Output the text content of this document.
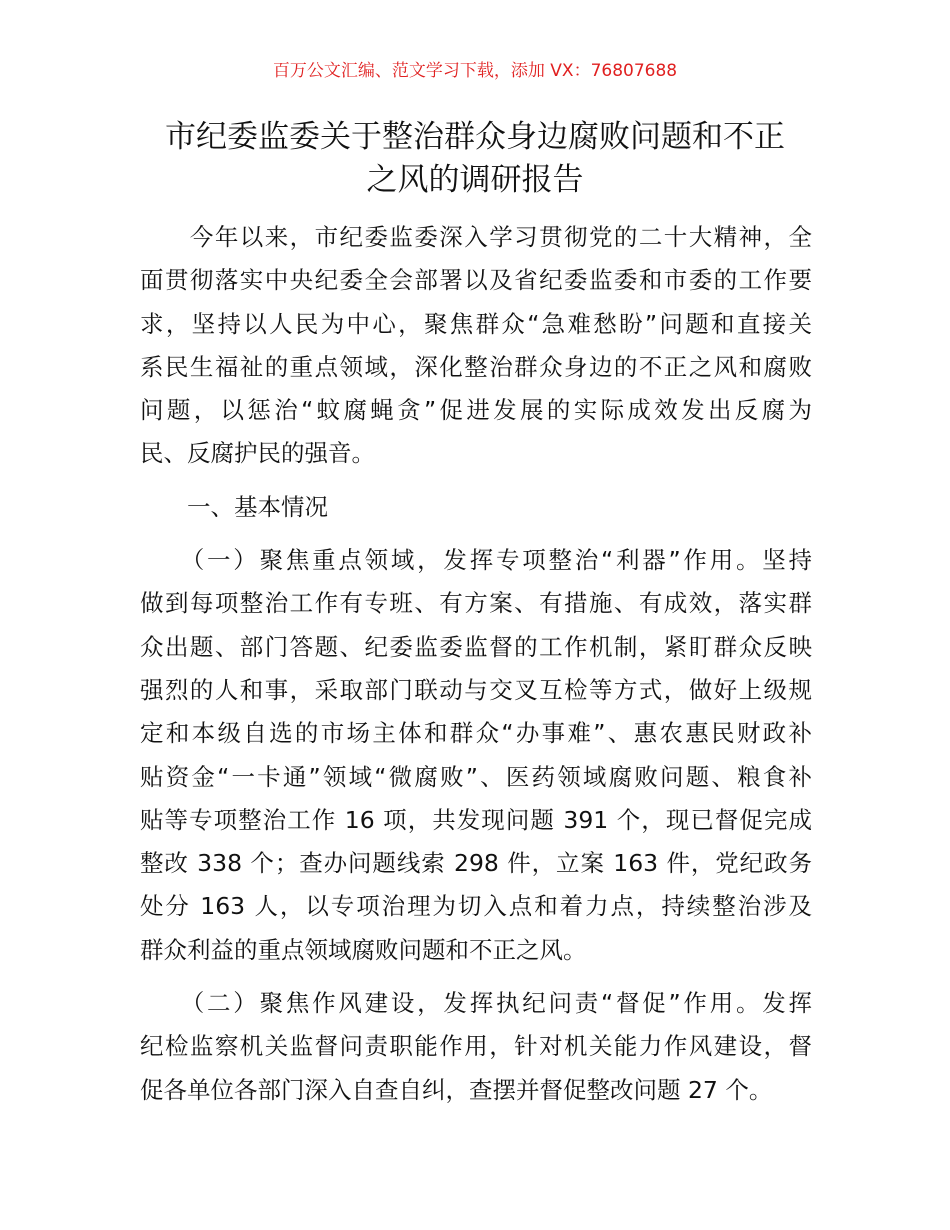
百万公文汇编、范文学习下载，添加 VX：76807688
市纪委监委关于整治群众身边腐败问题和不正
之风的调研报告
　　今年以来，市纪委监委深入学习贯彻党的二十大精神，全
面贯彻落实中央纪委全会部署以及省纪委监委和市委的工作要
求，坚持以人民为中心，聚焦群众“急难愁盼”问题和直接关
系民生福祉的重点领域，深化整治群众身边的不正之风和腐败
问题，以惩治“蚊腐蝇贪”促进发展的实际成效发出反腐为
民、反腐护民的强音。
　　一、基本情况
　　（一）聚焦重点领域，发挥专项整治“利器”作用。坚持
做到每项整治工作有专班、有方案、有措施、有成效，落实群
众出题、部门答题、纪委监委监督的工作机制，紧盯群众反映
强烈的人和事，采取部门联动与交叉互检等方式，做好上级规
定和本级自选的市场主体和群众“办事难”、惠农惠民财政补
贴资金“一卡通”领域“微腐败”、医药领域腐败问题、粮食补
贴等专项整治工作 16 项，共发现问题 391 个，现已督促完成
整改 338 个；查办问题线索 298 件，立案 163 件，党纪政务
处分 163 人，以专项治理为切入点和着力点，持续整治涉及
群众利益的重点领域腐败问题和不正之风。
　　（二）聚焦作风建设，发挥执纪问责“督促”作用。发挥
纪检监察机关监督问责职能作用，针对机关能力作风建设，督
促各单位各部门深入自查自纠，查摆并督促整改问题 27 个。
